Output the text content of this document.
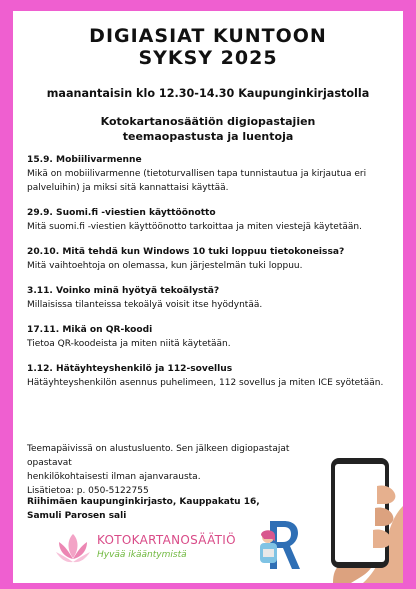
DIGIASIAT KUNTOON
SYKSY 2025
maanantaisin klo 12.30-14.30 Kaupunginkirjastolla
Kotokartanosäätiön digiopastajien
teemaopastusta ja luentoja
15.9. Mobiilivarmenne
Mikä on mobiilivarmenne (tietoturvallisen tapa tunnistautua ja kirjautua eri
palveluihin) ja miksi sitä kannattaisi käyttää.
29.9. Suomi.fi -viestien käyttöönotto
Mitä suomi.fi -viestien käyttöönotto tarkoittaa ja miten viestejä käytetään.
20.10. Mitä tehdä kun Windows 10 tuki loppuu tietokoneissa?
Mitä vaihtoehtoja on olemassa, kun järjestelmän tuki loppuu.
3.11. Voinko minä hyötyä tekoälystä?
Millaisissa tilanteissa tekoälyä voisit itse hyödyntää.
17.11. Mikä on QR-koodi
Tietoa QR-koodeista ja miten niitä käytetään.
1.12. Hätäyhteyshenkilö ja 112-sovellus
Hätäyhteyshenkilön asennus puhelimeen, 112 sovellus ja miten ICE syötetään.
Teemapäivissä on alustusluento. Sen jälkeen digiopastajat opastavat
henkilökohtaisesti ilman ajanvarausta.
Lisätietoa: p. 050-5122755
Riihimäen kaupunginkirjasto, Kauppakatu 16,
Samuli Parosen sali
KOTOKARTANOSÄÄTIÖ
Hyvää ikääntymistä
